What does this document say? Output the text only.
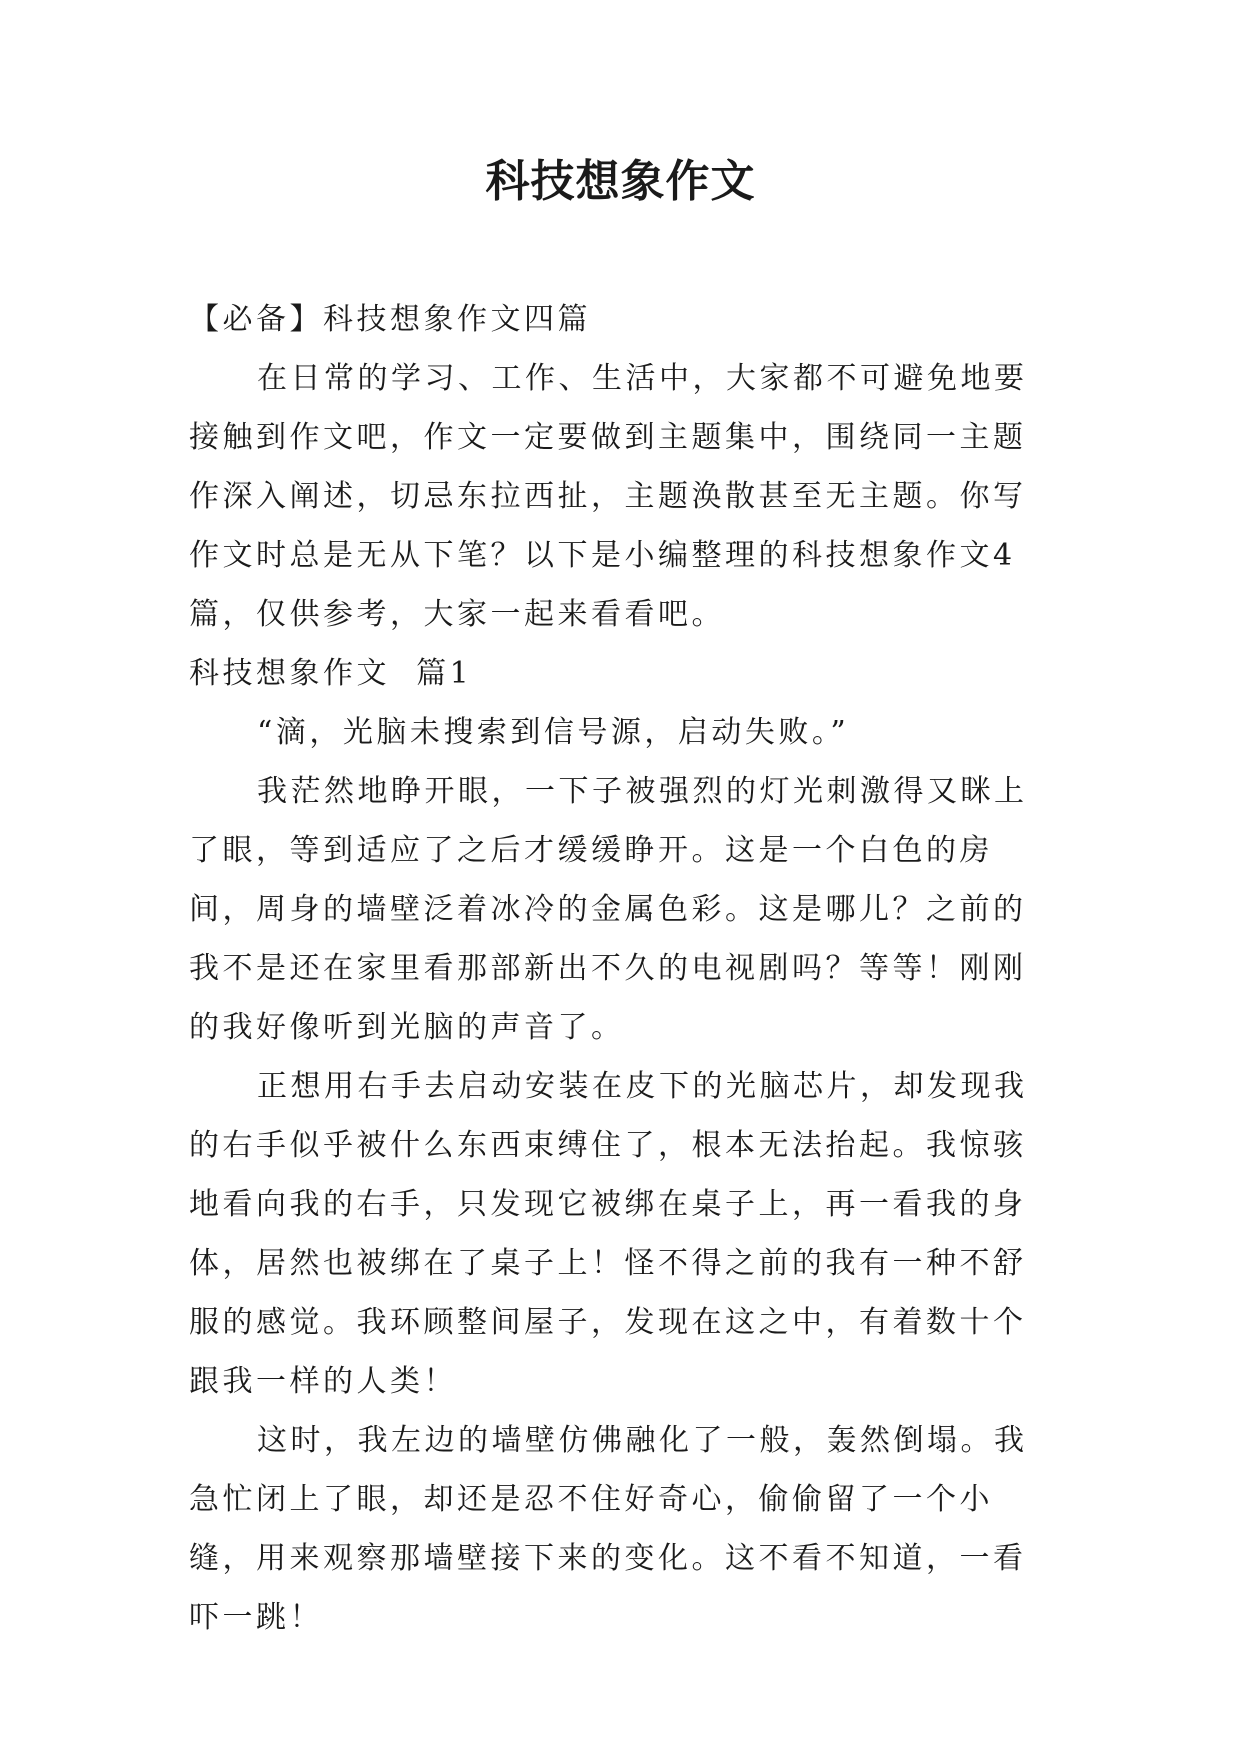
科技想象作文

【必备】科技想象作文四篇

在日常的学习、工作、生活中，大家都不可避免地要接触到作文吧，作文一定要做到主题集中，围绕同一主题作深入阐述，切忌东拉西扯，主题涣散甚至无主题。你写作文时总是无从下笔？以下是小编整理的科技想象作文4篇，仅供参考，大家一起来看看吧。

科技想象作文  篇1

“滴，光脑未搜索到信号源，启动失败。”

我茫然地睁开眼，一下子被强烈的灯光刺激得又眯上了眼，等到适应了之后才缓缓睁开。这是一个白色的房间，周身的墙壁泛着冰冷的金属色彩。这是哪儿？之前的我不是还在家里看那部新出不久的电视剧吗？等等！刚刚的我好像听到光脑的声音了。

正想用右手去启动安装在皮下的光脑芯片，却发现我的右手似乎被什么东西束缚住了，根本无法抬起。我惊骇地看向我的右手，只发现它被绑在桌子上，再一看我的身体，居然也被绑在了桌子上！怪不得之前的我有一种不舒服的感觉。我环顾整间屋子，发现在这之中，有着数十个跟我一样的人类！

这时，我左边的墙壁仿佛融化了一般，轰然倒塌。我急忙闭上了眼，却还是忍不住好奇心，偷偷留了一个小缝，用来观察那墙壁接下来的变化。这不看不知道，一看吓一跳！
